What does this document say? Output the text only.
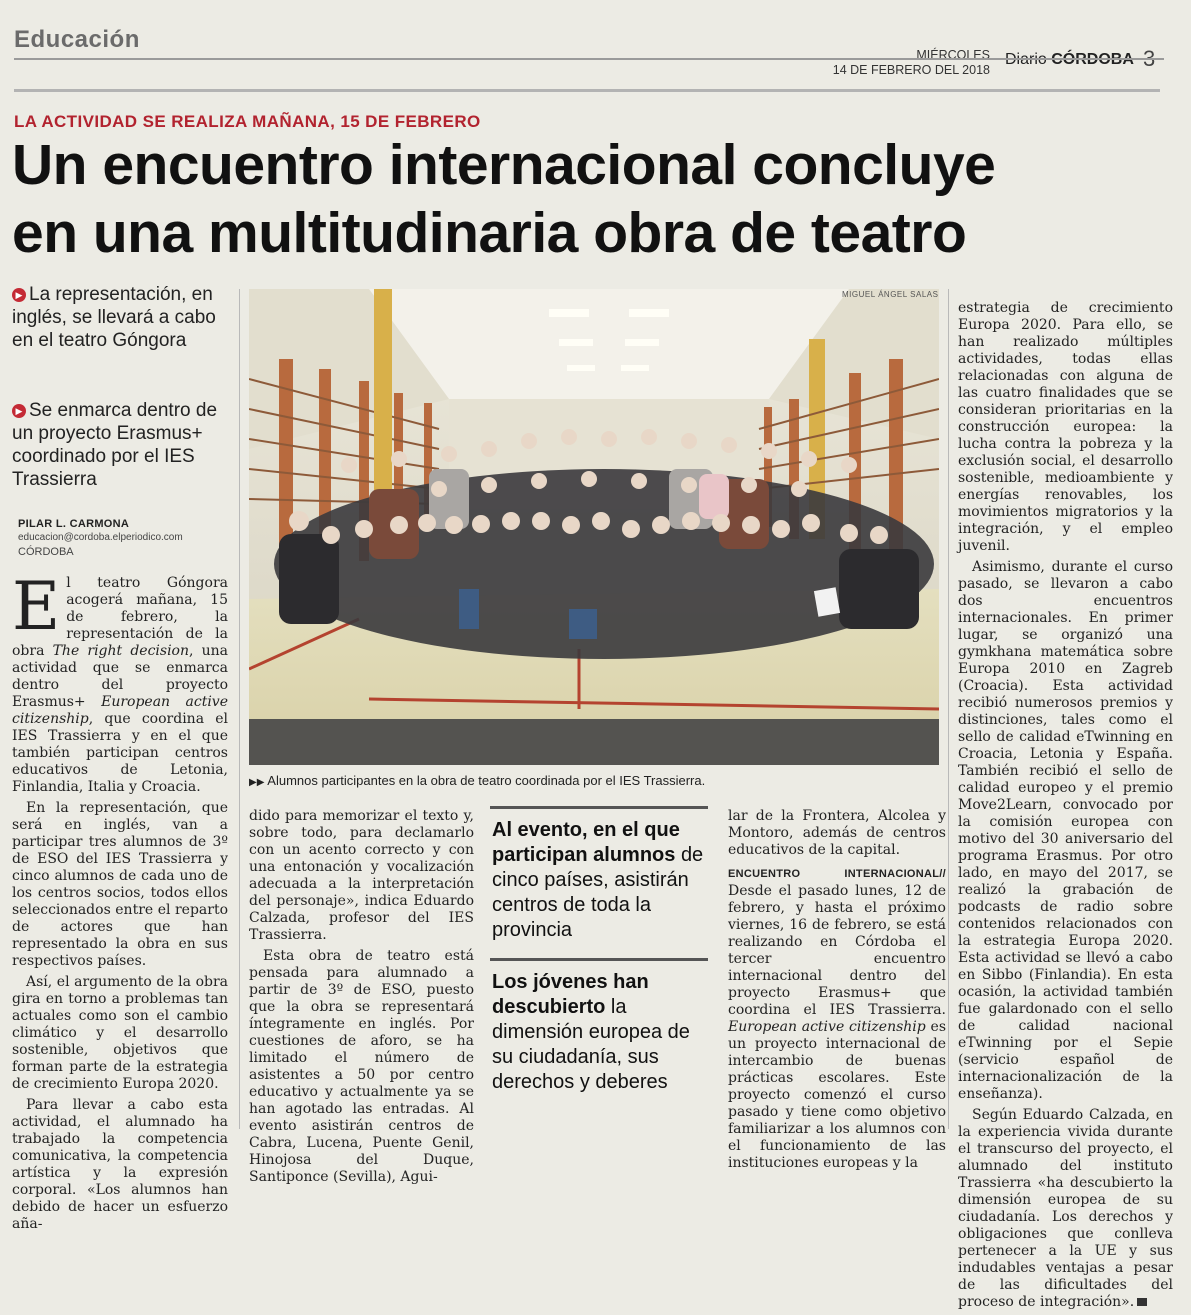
Educación
MIÉRCOLES
14 DE FEBRERO DEL 2018
Diario CÓRDOBA 3
LA ACTIVIDAD SE REALIZA MAÑANA, 15 DE FEBRERO
Un encuentro internacional concluye
en una multitudinaria obra de teatro
▶ La representación, en inglés, se llevará a cabo en el teatro Góngora
▶ Se enmarca dentro de un proyecto Erasmus+ coordinado por el IES Trassierra
PILAR L. CARMONA
educacion@cordoba.elperiodico.com
CÓRDOBA

El teatro Góngora acogerá mañana, 15 de febrero, la representación de la obra The right decision, una actividad que se enmarca dentro del proyecto Erasmus+ European active citizenship, que coordina el IES Trassierra y en el que también participan centros educativos de Letonia, Finlandia, Italia y Croacia.

En la representación, que será en inglés, van a participar tres alumnos de 3º de ESO del IES Trassierra y cinco alumnos de cada uno de los centros socios, todos ellos seleccionados entre el reparto de actores que han representado la obra en sus respectivos países.

Así, el argumento de la obra gira en torno a problemas tan actuales como son el cambio climático y el desarrollo sostenible, objetivos que forman parte de la estrategia de crecimiento Europa 2020.

Para llevar a cabo esta actividad, el alumnado ha trabajado la competencia comunicativa, la competencia artística y la expresión corporal. «Los alumnos han debido de hacer un esfuerzo aña-

MIGUEL ÁNGEL SALAS
▶▶ Alumnos participantes en la obra de teatro coordinada por el IES Trassierra.

dido para memorizar el texto y, sobre todo, para declamarlo con un acento correcto y con una entonación y vocalización adecuada a la interpretación del personaje», indica Eduardo Calzada, profesor del IES Trassierra.

Esta obra de teatro está pensada para alumnado a partir de 3º de ESO, puesto que la obra se representará íntegramente en inglés. Por cuestiones de aforo, se ha limitado el número de asistentes a 50 por centro educativo y actualmente ya se han agotado las entradas. Al evento asistirán centros de Cabra, Lucena, Puente Genil, Hinojosa del Duque, Santiponce (Sevilla), Agui-

Al evento, en el que participan alumnos de cinco países, asistirán centros de toda la provincia
Los jóvenes han descubierto la dimensión europea de su ciudadanía, sus derechos y deberes

lar de la Frontera, Alcolea y Montoro, además de centros educativos de la capital.

ENCUENTRO INTERNACIONAL// Desde el pasado lunes, 12 de febrero, y hasta el próximo viernes, 16 de febrero, se está realizando en Córdoba el tercer encuentro internacional dentro del proyecto Erasmus+ que coordina el IES Trassierra. European active citizenship es un proyecto internacional de intercambio de buenas prácticas escolares. Este proyecto comenzó el curso pasado y tiene como objetivo familiarizar a los alumnos con el funcionamiento de las instituciones europeas y la

estrategia de crecimiento Europa 2020. Para ello, se han realizado múltiples actividades, todas ellas relacionadas con alguna de las cuatro finalidades que se consideran prioritarias en la construcción europea: la lucha contra la pobreza y la exclusión social, el desarrollo sostenible, medioambiente y energías renovables, los movimientos migratorios y la integración, y el empleo juvenil.

Asimismo, durante el curso pasado, se llevaron a cabo dos encuentros internacionales. En primer lugar, se organizó una gymkhana matemática sobre Europa 2010 en Zagreb (Croacia). Esta actividad recibió numerosos premios y distinciones, tales como el sello de calidad eTwinning en Croacia, Letonia y España. También recibió el sello de calidad europeo y el premio Move2Learn, convocado por la comisión europea con motivo del 30 aniversario del programa Erasmus. Por otro lado, en mayo del 2017, se realizó la grabación de podcasts de radio sobre contenidos relacionados con la estrategia Europa 2020. Esta actividad se llevó a cabo en Sibbo (Finlandia). En esta ocasión, la actividad también fue galardonado con el sello de calidad nacional eTwinning por el Sepie (servicio español de internacionalización de la enseñanza).

Según Eduardo Calzada, en la experiencia vivida durante el transcurso del proyecto, el alumnado del instituto Trassierra «ha descubierto la dimensión europea de su ciudadanía. Los derechos y obligaciones que conlleva pertenecer a la UE y sus indudables ventajas a pesar de las dificultades del proceso de integración».
